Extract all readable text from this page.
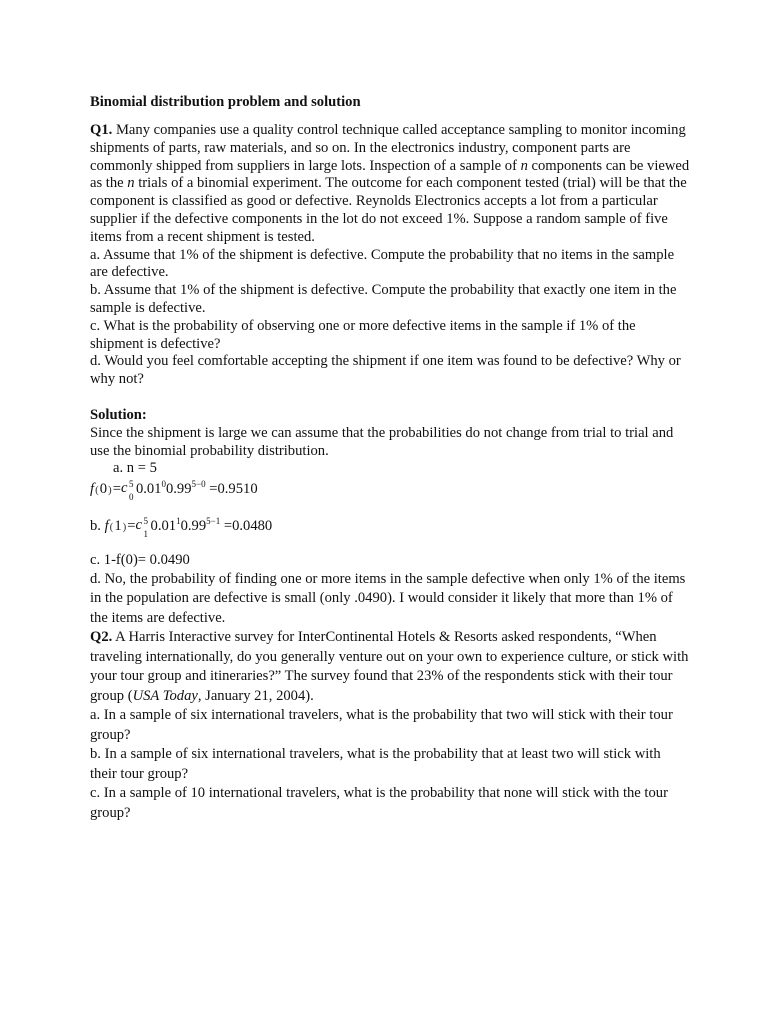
Binomial distribution problem and solution

Q1. Many companies use a quality control technique called acceptance sampling to monitor incoming shipments of parts, raw materials, and so on. In the electronics industry, component parts are commonly shipped from suppliers in large lots. Inspection of a sample of n components can be viewed as the n trials of a binomial experiment. The outcome for each component tested (trial) will be that the component is classified as good or defective. Reynolds Electronics accepts a lot from a particular supplier if the defective components in the lot do not exceed 1%. Suppose a random sample of five items from a recent shipment is tested.

a. Assume that 1% of the shipment is defective. Compute the probability that no items in the sample are defective.

b. Assume that 1% of the shipment is defective. Compute the probability that exactly one item in the sample is defective.

c. What is the probability of observing one or more defective items in the sample if 1% of the shipment is defective?

d. Would you feel comfortable accepting the shipment if one item was found to be defective? Why or why not?

Solution:

Since the shipment is large we can assume that the probabilities do not change from trial to trial and use the binomial probability distribution.

a. n = 5

f(0)= c 5
0 $0.01^00.99^{5-0} =0.9510$

b. f(1)= c 5
1 $0.01^10.99^{5-1} =0.0480$

c. 1-f(0)= 0.0490

d. No, the probability of finding one or more items in the sample defective when only 1% of the items in the population are defective is small (only .0490). I would consider it likely that more than 1% of the items are defective.

Q2. A Harris Interactive survey for InterContinental Hotels & Resorts asked respondents, “When traveling internationally, do you generally venture out on your own to experience culture, or stick with your tour group and itineraries?” The survey found that 23% of the respondents stick with their tour group (USA Today, January 21, 2004).

a. In a sample of six international travelers, what is the probability that two will stick with their tour group?

b. In a sample of six international travelers, what is the probability that at least two will stick with their tour group?

c. In a sample of 10 international travelers, what is the probability that none will stick with the tour group?
